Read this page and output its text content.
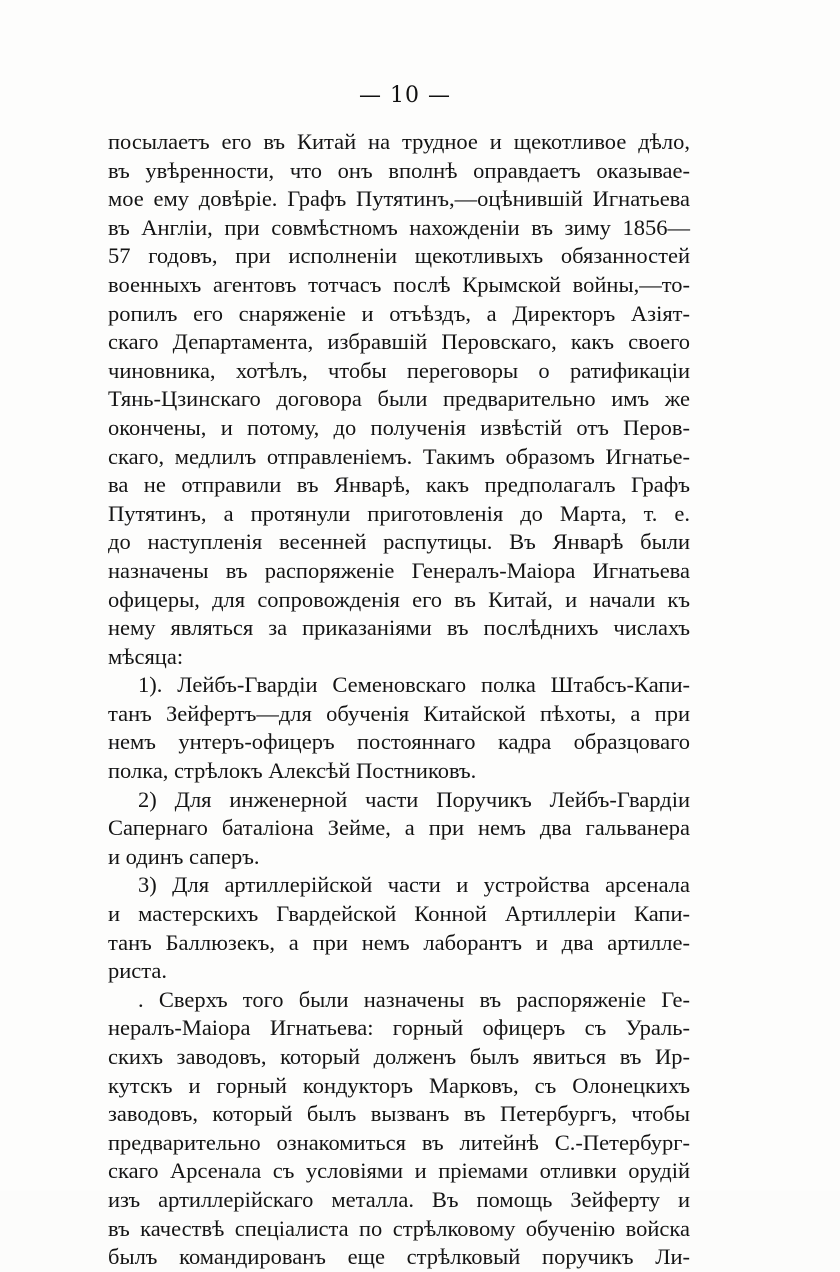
— 10 —
посылаетъ его въ Китай на трудное и щекотливое дѣло,
въ увѣренности, что онъ вполнѣ оправдаетъ оказывае-
мое ему довѣріе. Графъ Путятинъ,—оцѣнившій Игнатьева
въ Англіи, при совмѣстномъ нахожденіи въ зиму 1856—
57 годовъ, при исполненіи щекотливыхъ обязанностей
военныхъ агентовъ тотчасъ послѣ Крымской войны,—то-
ропилъ его снаряженіе и отъѣздъ, а Директоръ Азіят-
скаго Департамента, избравшій Перовскаго, какъ своего
чиновника, хотѣлъ, чтобы переговоры о ратификаціи
Тянь-Цзинскаго договора были предварительно имъ же
окончены, и потому, до полученія извѣстій отъ Перов-
скаго, медлилъ отправленіемъ. Такимъ образомъ Игнатье-
ва не отправили въ Январѣ, какъ предполагалъ Графъ
Путятинъ, а протянули приготовленія до Марта, т. е.
до наступленія весенней распутицы. Въ Январѣ были
назначены въ распоряженіе Генералъ-Маіора Игнатьева
офицеры, для сопровожденія его въ Китай, и начали къ
нему являться за приказаніями въ послѣднихъ числахъ
мѣсяца:
1). Лейбъ-Гвардіи Семеновскаго полка Штабсъ-Капи-
танъ Зейфертъ—для обученія Китайской пѣхоты, а при
немъ унтеръ-офицеръ постояннаго кадра образцоваго
полка, стрѣлокъ Алексѣй Постниковъ.
2) Для инженерной части Поручикъ Лейбъ-Гвардіи
Сапернаго баталіона Зейме, а при немъ два гальванера
и одинъ саперъ.
3) Для артиллерійской части и устройства арсенала
и мастерскихъ Гвардейской Конной Артиллеріи Капи-
танъ Баллюзекъ, а при немъ лаборантъ и два артилле-
риста.
. Сверхъ того были назначены въ распоряженіе Ге-
нералъ-Маіора Игнатьева: горный офицеръ съ Ураль-
скихъ заводовъ, который долженъ былъ явиться въ Ир-
кутскъ и горный кондукторъ Марковъ, съ Олонецкихъ
заводовъ, который былъ вызванъ въ Петербургъ, чтобы
предварительно ознакомиться въ литейнѣ С.-Петербург-
скаго Арсенала съ условіями и пріемами отливки орудій
изъ артиллерійскаго металла. Въ помощь Зейферту и
въ качествѣ спеціалиста по стрѣлковому обученію войска
былъ командированъ еще стрѣлковый поручикъ Ли-
